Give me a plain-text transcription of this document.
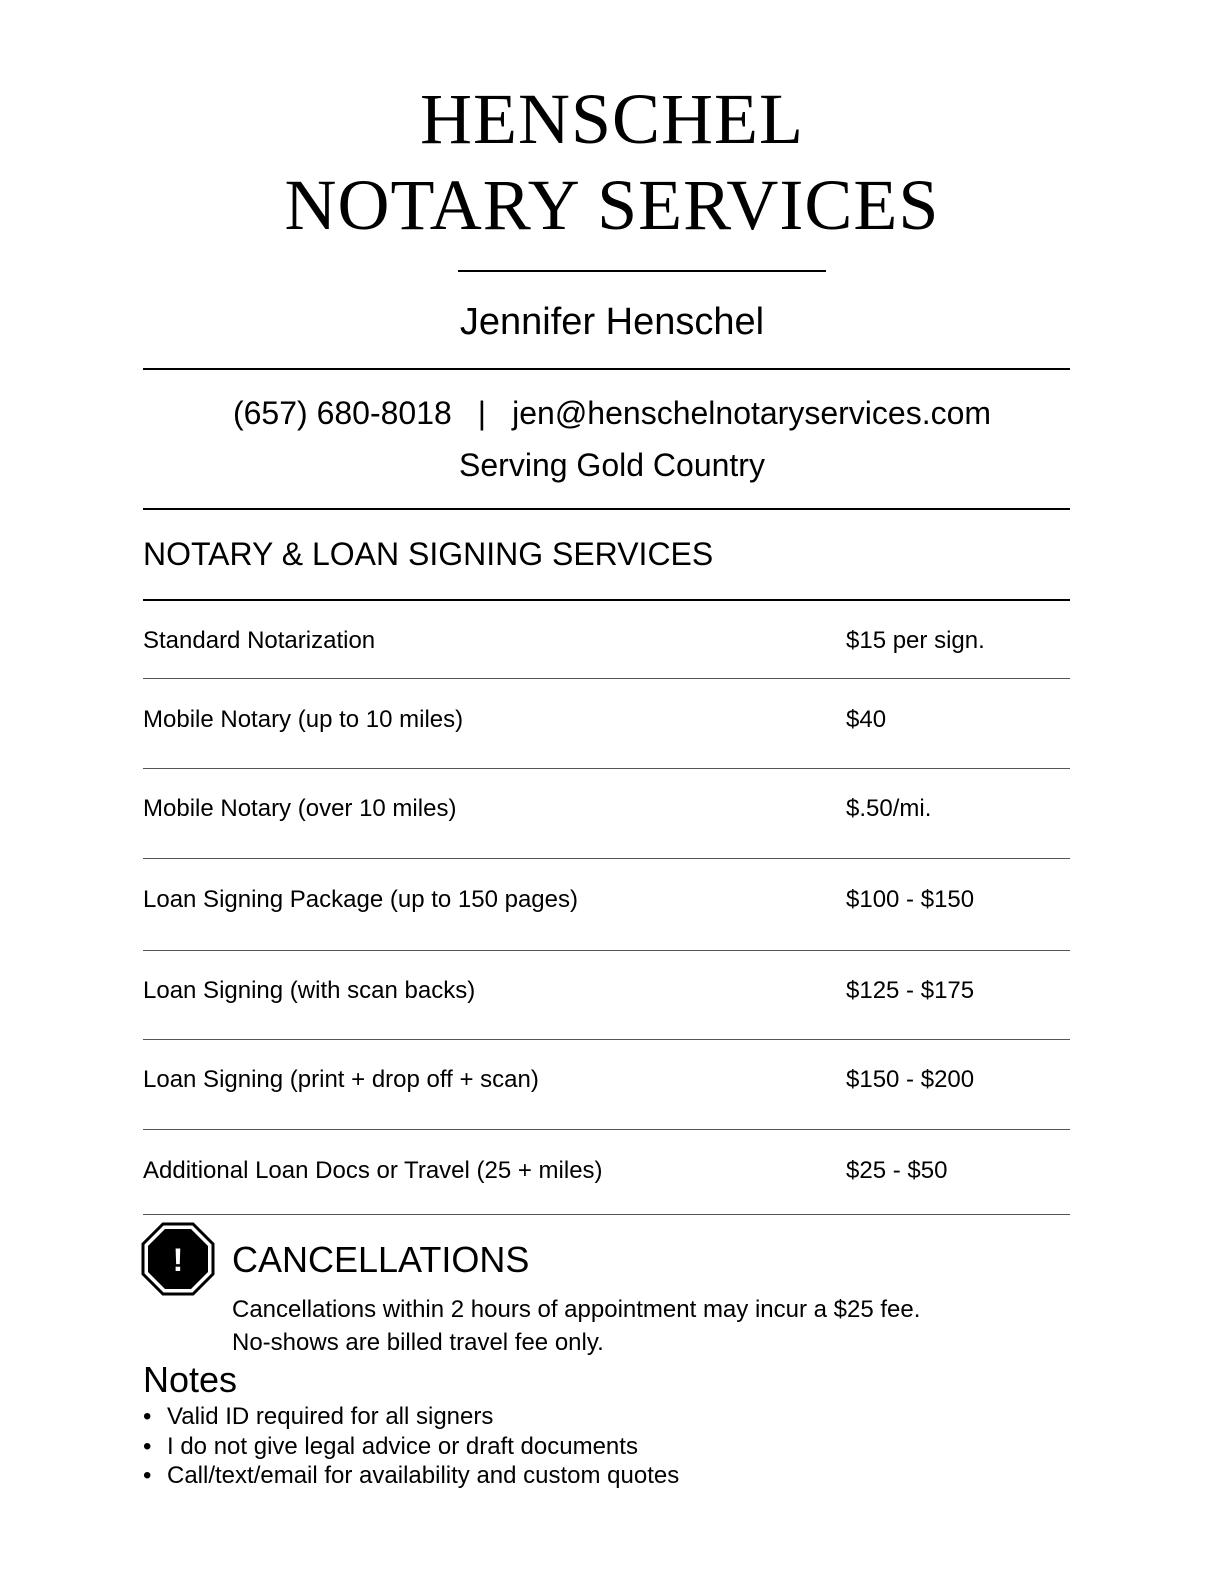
HENSCHEL
NOTARY SERVICES
Jennifer Henschel
(657) 680-8018 | jen@henschelnotaryservices.com
Serving Gold Country
NOTARY & LOAN SIGNING SERVICES
Standard Notarization	$15 per sign.
Mobile Notary (up to 10 miles)	$40
Mobile Notary (over 10 miles)	$.50/mi.
Loan Signing Package (up to 150 pages)	$100 - $150
Loan Signing (with scan backs)	$125 - $175
Loan Signing (print + drop off + scan)	$150 - $200
Additional Loan Docs or Travel (25 + miles)	$25 - $50
! CANCELLATIONS
Cancellations within 2 hours of appointment may incur a $25 fee.
No-shows are billed travel fee only.
Notes
• Valid ID required for all signers
• I do not give legal advice or draft documents
• Call/text/email for availability and custom quotes
